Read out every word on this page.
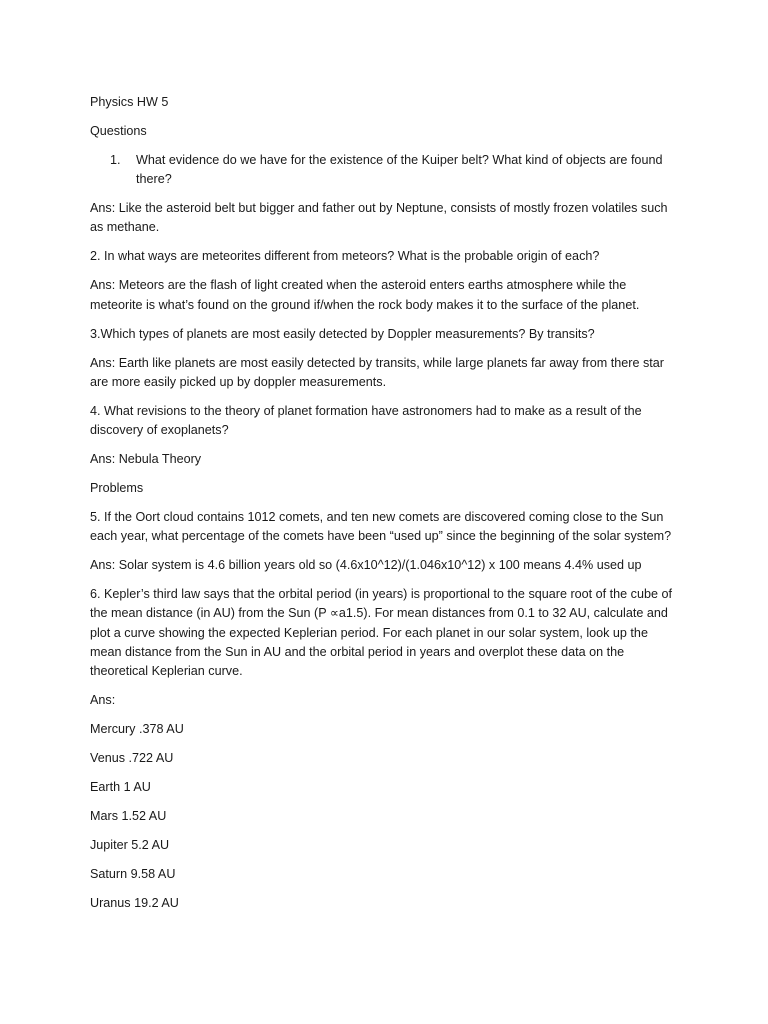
Physics HW 5

Questions

1. What evidence do we have for the existence of the Kuiper belt? What kind of objects are found there?

Ans: Like the asteroid belt but bigger and father out by Neptune, consists of mostly frozen volatiles such as methane.

2. In what ways are meteorites different from meteors? What is the probable origin of each?

Ans: Meteors are the flash of light created when the asteroid enters earths atmosphere while the meteorite is what’s found on the ground if/when the rock body makes it to the surface of the planet.

3.Which types of planets are most easily detected by Doppler measurements? By transits?

Ans: Earth like planets are most easily detected by transits, while large planets far away from there star are more easily picked up by doppler measurements.

4. What revisions to the theory of planet formation have astronomers had to make as a result of the discovery of exoplanets?

Ans: Nebula Theory

Problems

5. If the Oort cloud contains 1012 comets, and ten new comets are discovered coming close to the Sun each year, what percentage of the comets have been “used up” since the beginning of the solar system?

Ans: Solar system is 4.6 billion years old so (4.6x10^12)/(1.046x10^12) x 100 means 4.4% used up

6. Kepler’s third law says that the orbital period (in years) is proportional to the square root of the cube of the mean distance (in AU) from the Sun (P ∝a1.5). For mean distances from 0.1 to 32 AU, calculate and plot a curve showing the expected Keplerian period. For each planet in our solar system, look up the mean distance from the Sun in AU and the orbital period in years and overplot these data on the theoretical Keplerian curve.

Ans:

Mercury .378 AU

Venus .722 AU

Earth 1 AU

Mars 1.52 AU

Jupiter 5.2 AU

Saturn 9.58 AU

Uranus 19.2 AU
